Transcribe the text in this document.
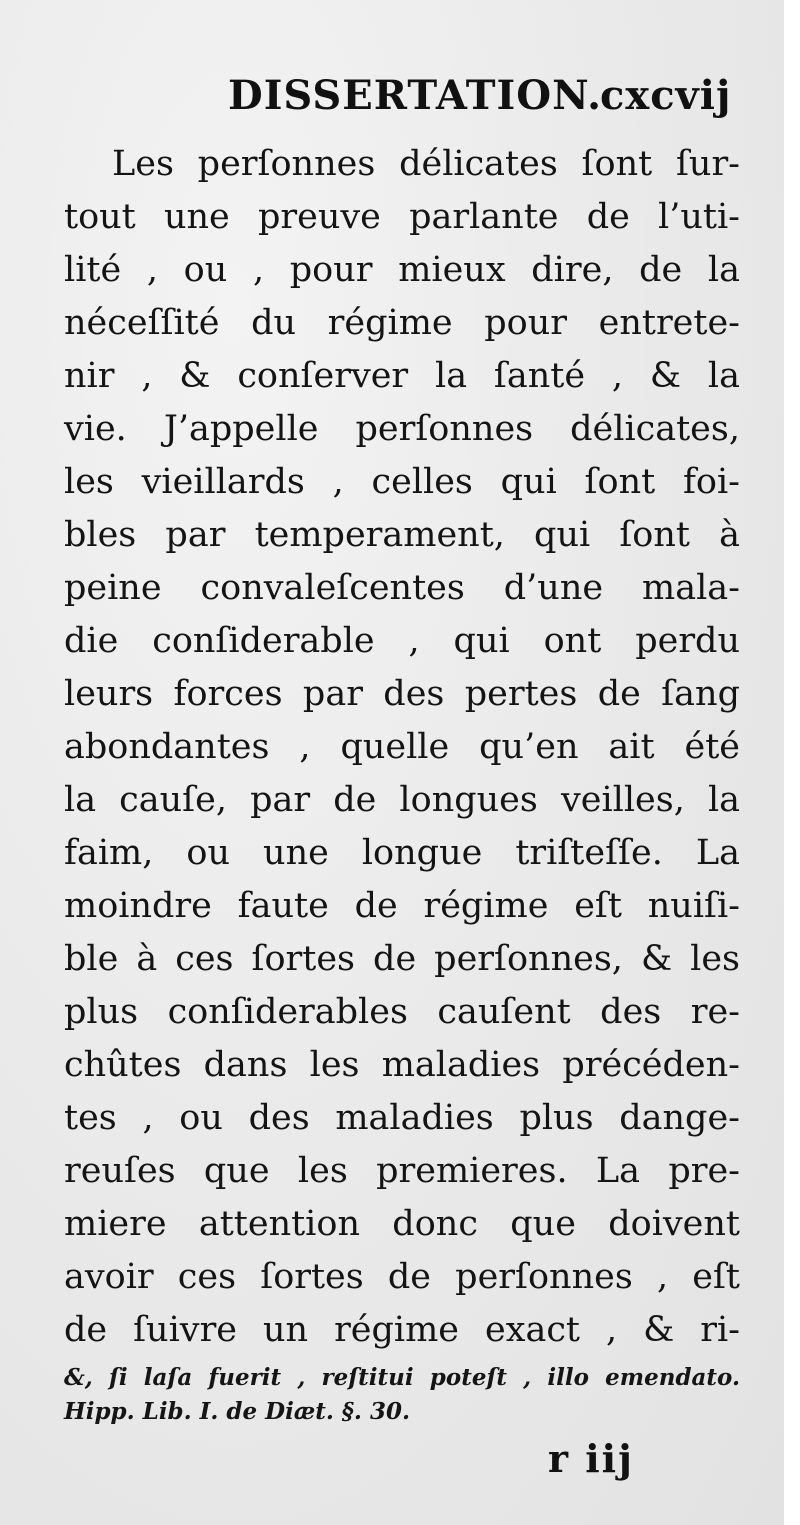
DISSERTATION.
cxcvij
Les perſonnes délicates ſont ſur-
tout une preuve parlante de l’uti-
lité , ou , pour mieux dire, de la
néceſſité du régime pour entrete-
nir , & conſerver la ſanté , & la
vie. J’appelle perſonnes délicates,
les vieillards , celles qui ſont foi-
bles par temperament, qui ſont à
peine convaleſcentes d’une mala-
die conſiderable , qui ont perdu
leurs forces par des pertes de ſang
abondantes , quelle qu’en ait été
la cauſe, par de longues veilles, la
faim, ou une longue triſteſſe. La
moindre faute de régime eſt nuiſi-
ble à ces ſortes de perſonnes, & les
plus conſiderables cauſent des re-
chûtes dans les maladies précéden-
tes , ou des maladies plus dange-
reuſes que les premieres. La pre-
miere attention donc que doivent
avoir ces ſortes de perſonnes , eſt
de ſuivre un régime exact , & ri-
&, ſi laſa fuerit , reſtitui poteſt , illo emendato.
Hipp. Lib. I. de Diæt. §. 30.
r iij
